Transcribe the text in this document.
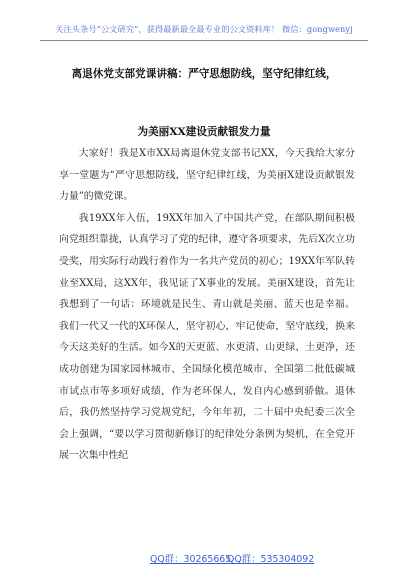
关注头条号“公文研究”，获得最新最全最专业的公文资料库！ 微信：gongwenyj
离退休党支部党课讲稿：严守思想防线，坚守纪律红线，
为美丽XX建设贡献银发力量

大家好！我是X市XX局离退休党支部书记XX，今天我给大家分享一堂题为“严守思想防线，坚守纪律红线，为美丽X建设贡献银发力量”的微党课。

我19XX年入伍，19XX年加入了中国共产党，在部队期间积极向党组织靠拢，认真学习了党的纪律，遵守各项要求，先后X次立功受奖，用实际行动践行着作为一名共产党员的初心；19XX年军队转业至XX局，这XX年，我见证了X事业的发展。美丽X建设，首先让我想到了一句话：环境就是民生、青山就是美丽、蓝天也是幸福。我们一代又一代的X环保人，坚守初心，牢记使命，坚守底线，换来今天这美好的生活。如今X的天更蓝、水更清、山更绿、土更净，还成功创建为国家园林城市、全国绿化模范城市、全国第二批低碳城市试点市等多项好成绩，作为老环保人，发自内心感到骄傲。退休后，我仍然坚持学习党规党纪，今年年初，二十届中央纪委三次全会上强调，“要以学习贯彻新修订的纪律处分条例为契机，在全党开展一次集中性纪

QQ群：30265665
QQ群：535304092
